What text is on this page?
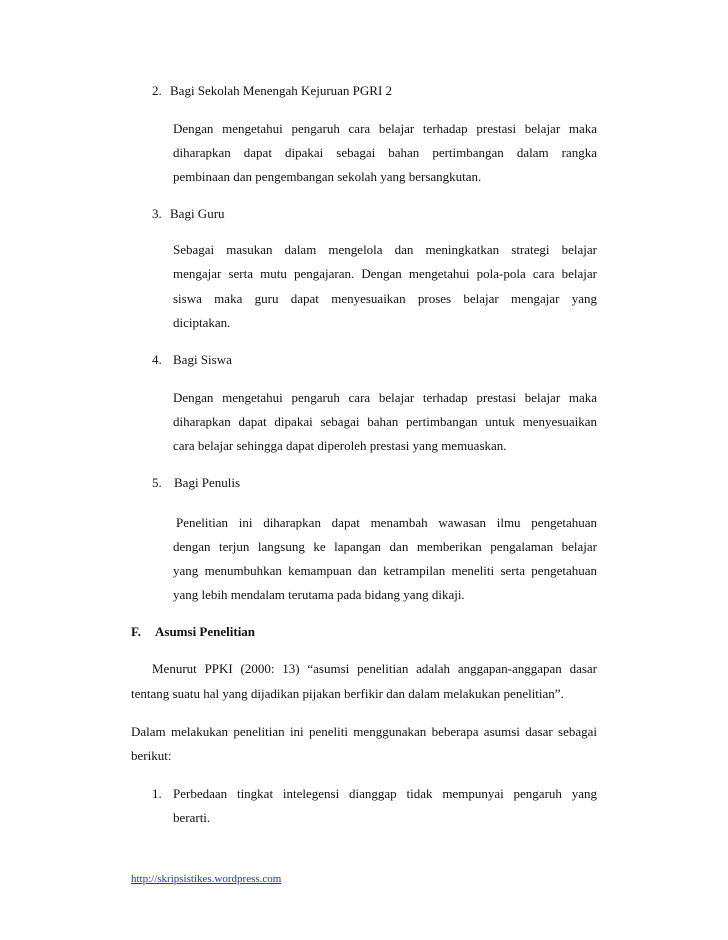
2. Bagi Sekolah Menengah Kejuruan PGRI 2
Dengan mengetahui pengaruh cara belajar terhadap prestasi belajar maka
diharapkan dapat dipakai sebagai bahan pertimbangan dalam rangka
pembinaan dan pengembangan sekolah yang bersangkutan.
3. Bagi Guru
Sebagai masukan dalam mengelola dan meningkatkan strategi belajar
mengajar serta mutu pengajaran. Dengan mengetahui pola-pola cara belajar
siswa maka guru dapat menyesuaikan proses belajar mengajar yang
diciptakan.
4. Bagi Siswa
Dengan mengetahui pengaruh cara belajar terhadap prestasi belajar maka
diharapkan dapat dipakai sebagai bahan pertimbangan untuk menyesuaikan
cara belajar sehingga dapat diperoleh prestasi yang memuaskan.
5. Bagi Penulis
Penelitian ini diharapkan dapat menambah wawasan ilmu pengetahuan
dengan terjun langsung ke lapangan dan memberikan pengalaman belajar
yang menumbuhkan kemampuan dan ketrampilan meneliti serta pengetahuan
yang lebih mendalam terutama pada bidang yang dikaji.
F. Asumsi Penelitian
Menurut PPKI (2000: 13) “asumsi penelitian adalah anggapan-anggapan dasar
tentang suatu hal yang dijadikan pijakan berfikir dan dalam melakukan penelitian”.
Dalam melakukan penelitian ini peneliti menggunakan beberapa asumsi dasar sebagai
berikut:
1. Perbedaan tingkat intelegensi dianggap tidak mempunyai pengaruh yang
berarti.
http://skripsistikes.wordpress.com
